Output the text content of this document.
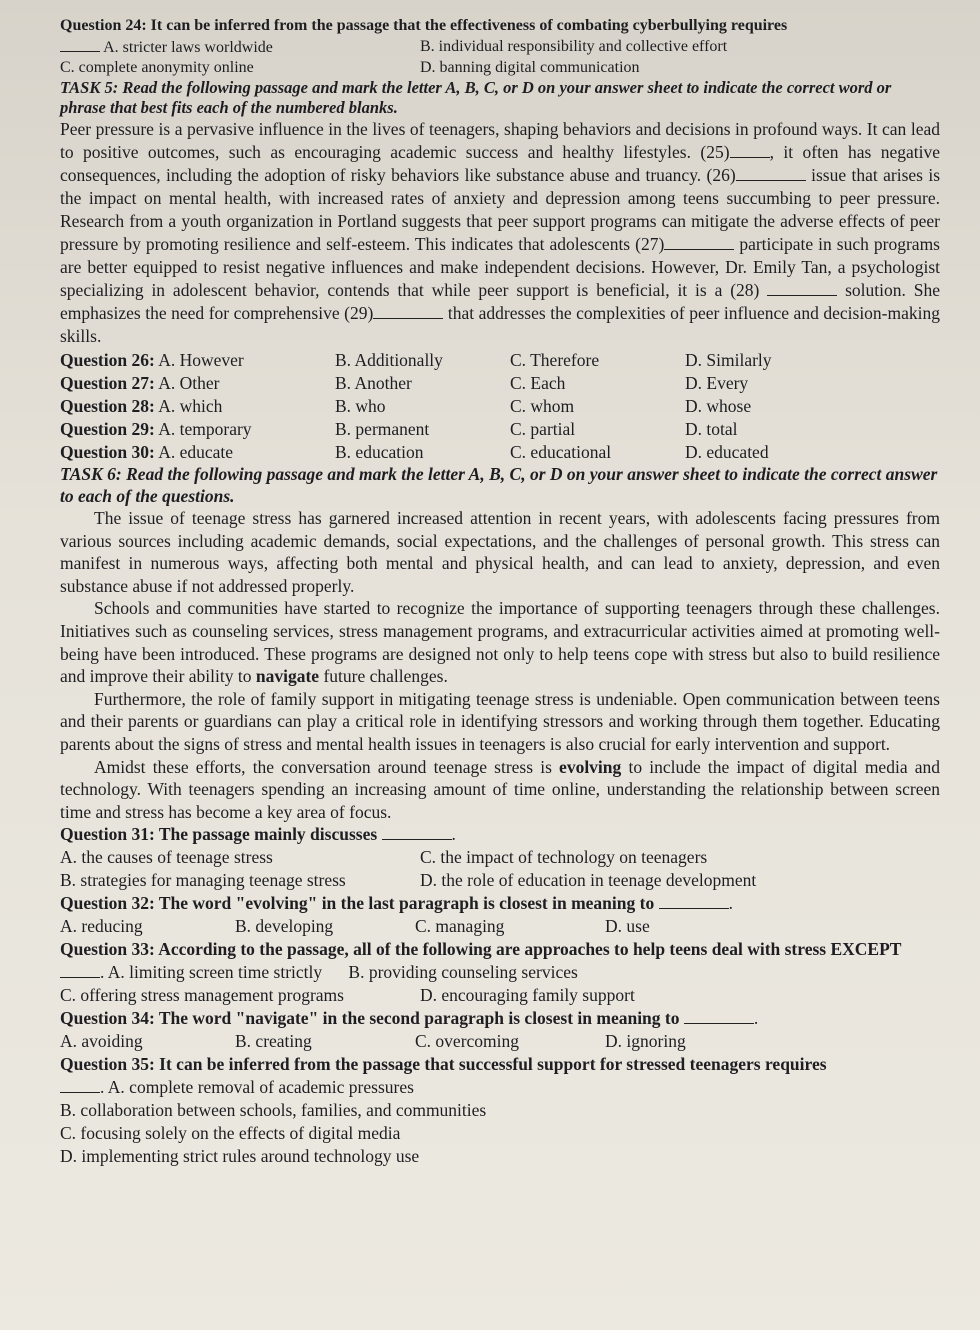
Question 24: It can be inferred from the passage that the effectiveness of combating cyberbullying requires
A. stricter laws worldwide	B. individual responsibility and collective effort
C. complete anonymity online	D. banning digital communication
TASK 5: Read the following passage and mark the letter A, B, C, or D on your answer sheet to indicate the correct word or phrase that best fits each of the numbered blanks.
Peer pressure is a pervasive influence in the lives of teenagers, shaping behaviors and decisions in profound ways. It can lead to positive outcomes, such as encouraging academic success and healthy lifestyles. (25) , it often has negative consequences, including the adoption of risky behaviors like substance abuse and truancy. (26)	issue that arises is the impact on mental health, with increased rates of anxiety and depression among teens succumbing to peer pressure. Research from a youth organization in Portland suggests that peer support programs can mitigate the adverse effects of peer pressure by promoting resilience and self-esteem. This indicates that adolescents (27)	participate in such programs are better equipped to resist negative influences and make independent decisions. However, Dr. Emily Tan, a psychologist specializing in adolescent behavior, contends that while peer support is beneficial, it is a (28)	solution. She emphasizes the need for comprehensive (29)	that addresses the complexities of peer influence and decision-making skills.
Question 26: A. However	B. Additionally	C. Therefore	D. Similarly
Question 27: A. Other	B. Another	C. Each	D. Every
Question 28: A. which	B. who	C. whom	D. whose
Question 29: A. temporary	B. permanent	C. partial	D. total
Question 30: A. educate	B. education	C. educational	D. educated
TASK 6: Read the following passage and mark the letter A, B, C, or D on your answer sheet to indicate the correct answer to each of the questions.
The issue of teenage stress has garnered increased attention in recent years, with adolescents facing pressures from various sources including academic demands, social expectations, and the challenges of personal growth. This stress can manifest in numerous ways, affecting both mental and physical health, and can lead to anxiety, depression, and even substance abuse if not addressed properly.
Schools and communities have started to recognize the importance of supporting teenagers through these challenges. Initiatives such as counseling services, stress management programs, and extracurricular activities aimed at promoting well-being have been introduced. These programs are designed not only to help teens cope with stress but also to build resilience and improve their ability to navigate future challenges.
Furthermore, the role of family support in mitigating teenage stress is undeniable. Open communication between teens and their parents or guardians can play a critical role in identifying stressors and working through them together. Educating parents about the signs of stress and mental health issues in teenagers is also crucial for early intervention and support.
Amidst these efforts, the conversation around teenage stress is evolving to include the impact of digital media and technology. With teenagers spending an increasing amount of time online, understanding the relationship between screen time and stress has become a key area of focus.
Question 31: The passage mainly discusses	.
A. the causes of teenage stress	C. the impact of technology on teenagers
B. strategies for managing teenage stress	D. the role of education in teenage development
Question 32: The word "evolving" in the last paragraph is closest in meaning to	.
A. reducing	B. developing	C. managing	D. use
Question 33: According to the passage, all of the following are approaches to help teens deal with stress EXCEPT . A. limiting screen time strictly B. providing counseling services
C. offering stress management programs	D. encouraging family support
Question 34: The word "navigate" in the second paragraph is closest in meaning to	.
A. avoiding	B. creating	C. overcoming	D. ignoring
Question 35: It can be inferred from the passage that successful support for stressed teenagers requires
. A. complete removal of academic pressures
B. collaboration between schools, families, and communities
C. focusing solely on the effects of digital media
D. implementing strict rules around technology use
